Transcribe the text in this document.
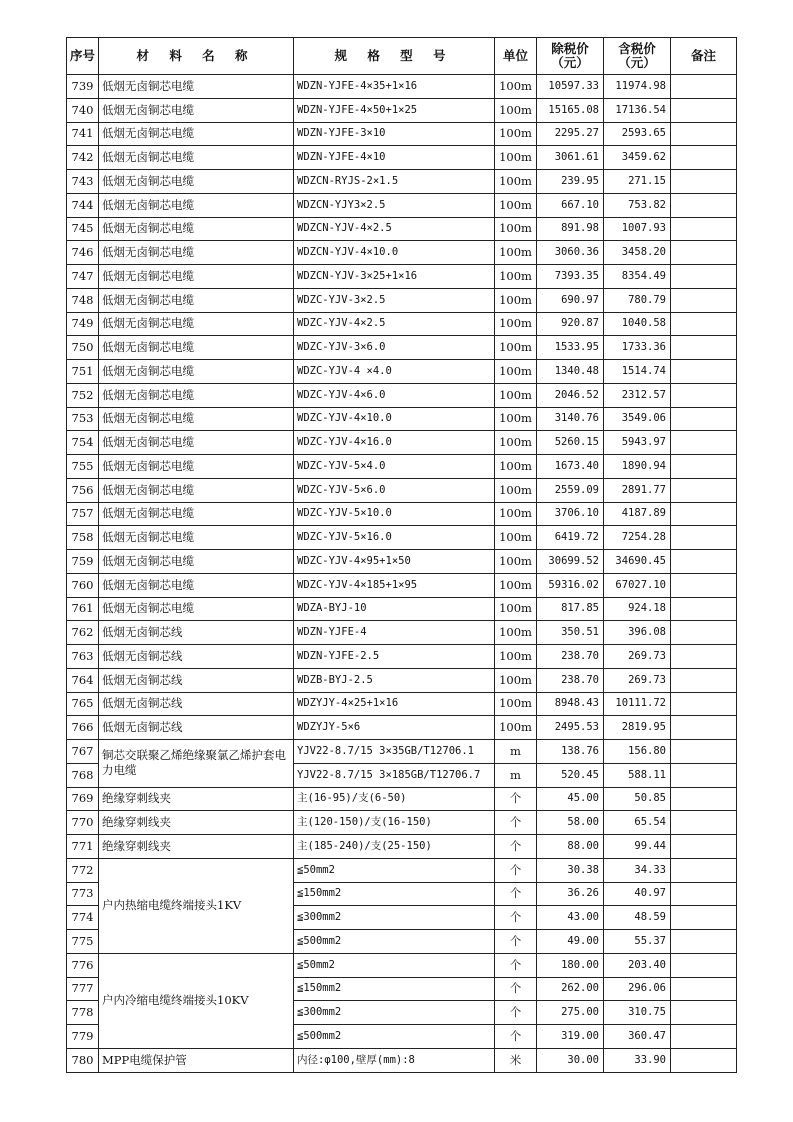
序号	材 料 名 称	规 格 型 号	单位	除税价（元）	含税价（元）	备注
739	低烟无卤铜芯电缆	WDZN-YJFE-4×35+1×16	100m	10597.33	11974.98	
740	低烟无卤铜芯电缆	WDZN-YJFE-4×50+1×25	100m	15165.08	17136.54	
741	低烟无卤铜芯电缆	WDZN-YJFE-3×10	100m	2295.27	2593.65	
742	低烟无卤铜芯电缆	WDZN-YJFE-4×10	100m	3061.61	3459.62	
743	低烟无卤铜芯电缆	WDZCN-RYJS-2×1.5	100m	239.95	271.15	
744	低烟无卤铜芯电缆	WDZCN-YJY3×2.5	100m	667.10	753.82	
745	低烟无卤铜芯电缆	WDZCN-YJV-4×2.5	100m	891.98	1007.93	
746	低烟无卤铜芯电缆	WDZCN-YJV-4×10.0	100m	3060.36	3458.20	
747	低烟无卤铜芯电缆	WDZCN-YJV-3×25+1×16	100m	7393.35	8354.49	
748	低烟无卤铜芯电缆	WDZC-YJV-3×2.5	100m	690.97	780.79	
749	低烟无卤铜芯电缆	WDZC-YJV-4×2.5	100m	920.87	1040.58	
750	低烟无卤铜芯电缆	WDZC-YJV-3×6.0	100m	1533.95	1733.36	
751	低烟无卤铜芯电缆	WDZC-YJV-4 ×4.0	100m	1340.48	1514.74	
752	低烟无卤铜芯电缆	WDZC-YJV-4×6.0	100m	2046.52	2312.57	
753	低烟无卤铜芯电缆	WDZC-YJV-4×10.0	100m	3140.76	3549.06	
754	低烟无卤铜芯电缆	WDZC-YJV-4×16.0	100m	5260.15	5943.97	
755	低烟无卤铜芯电缆	WDZC-YJV-5×4.0	100m	1673.40	1890.94	
756	低烟无卤铜芯电缆	WDZC-YJV-5×6.0	100m	2559.09	2891.77	
757	低烟无卤铜芯电缆	WDZC-YJV-5×10.0	100m	3706.10	4187.89	
758	低烟无卤铜芯电缆	WDZC-YJV-5×16.0	100m	6419.72	7254.28	
759	低烟无卤铜芯电缆	WDZC-YJV-4×95+1×50	100m	30699.52	34690.45	
760	低烟无卤铜芯电缆	WDZC-YJV-4×185+1×95	100m	59316.02	67027.10	
761	低烟无卤铜芯电缆	WDZA-BYJ-10	100m	817.85	924.18	
762	低烟无卤铜芯线	WDZN-YJFE-4	100m	350.51	396.08	
763	低烟无卤铜芯线	WDZN-YJFE-2.5	100m	238.70	269.73	
764	低烟无卤铜芯线	WDZB-BYJ-2.5	100m	238.70	269.73	
765	低烟无卤铜芯线	WDZYJY-4×25+1×16	100m	8948.43	10111.72	
766	低烟无卤铜芯线	WDZYJY-5×6	100m	2495.53	2819.95	
767	铜芯交联聚乙烯绝缘聚氯乙烯护套电力电缆	YJV22-8.7/15 3×35GB/T12706.1	m	138.76	156.80	
768		YJV22-8.7/15 3×185GB/T12706.7	m	520.45	588.11	
769	绝缘穿刺线夹	主(16-95)/支(6-50)	个	45.00	50.85	
770	绝缘穿刺线夹	主(120-150)/支(16-150)	个	58.00	65.54	
771	绝缘穿刺线夹	主(185-240)/支(25-150)	个	88.00	99.44	
772	户内热缩电缆终端接头1KV	≦50mm2	个	30.38	34.33	
773		≦150mm2	个	36.26	40.97	
774		≦300mm2	个	43.00	48.59	
775		≦500mm2	个	49.00	55.37	
776	户内冷缩电缆终端接头10KV	≦50mm2	个	180.00	203.40	
777		≦150mm2	个	262.00	296.06	
778		≦300mm2	个	275.00	310.75	
779		≦500mm2	个	319.00	360.47	
780	MPP电缆保护管	内径:φ100,壁厚(mm):8	米	30.00	33.90	
